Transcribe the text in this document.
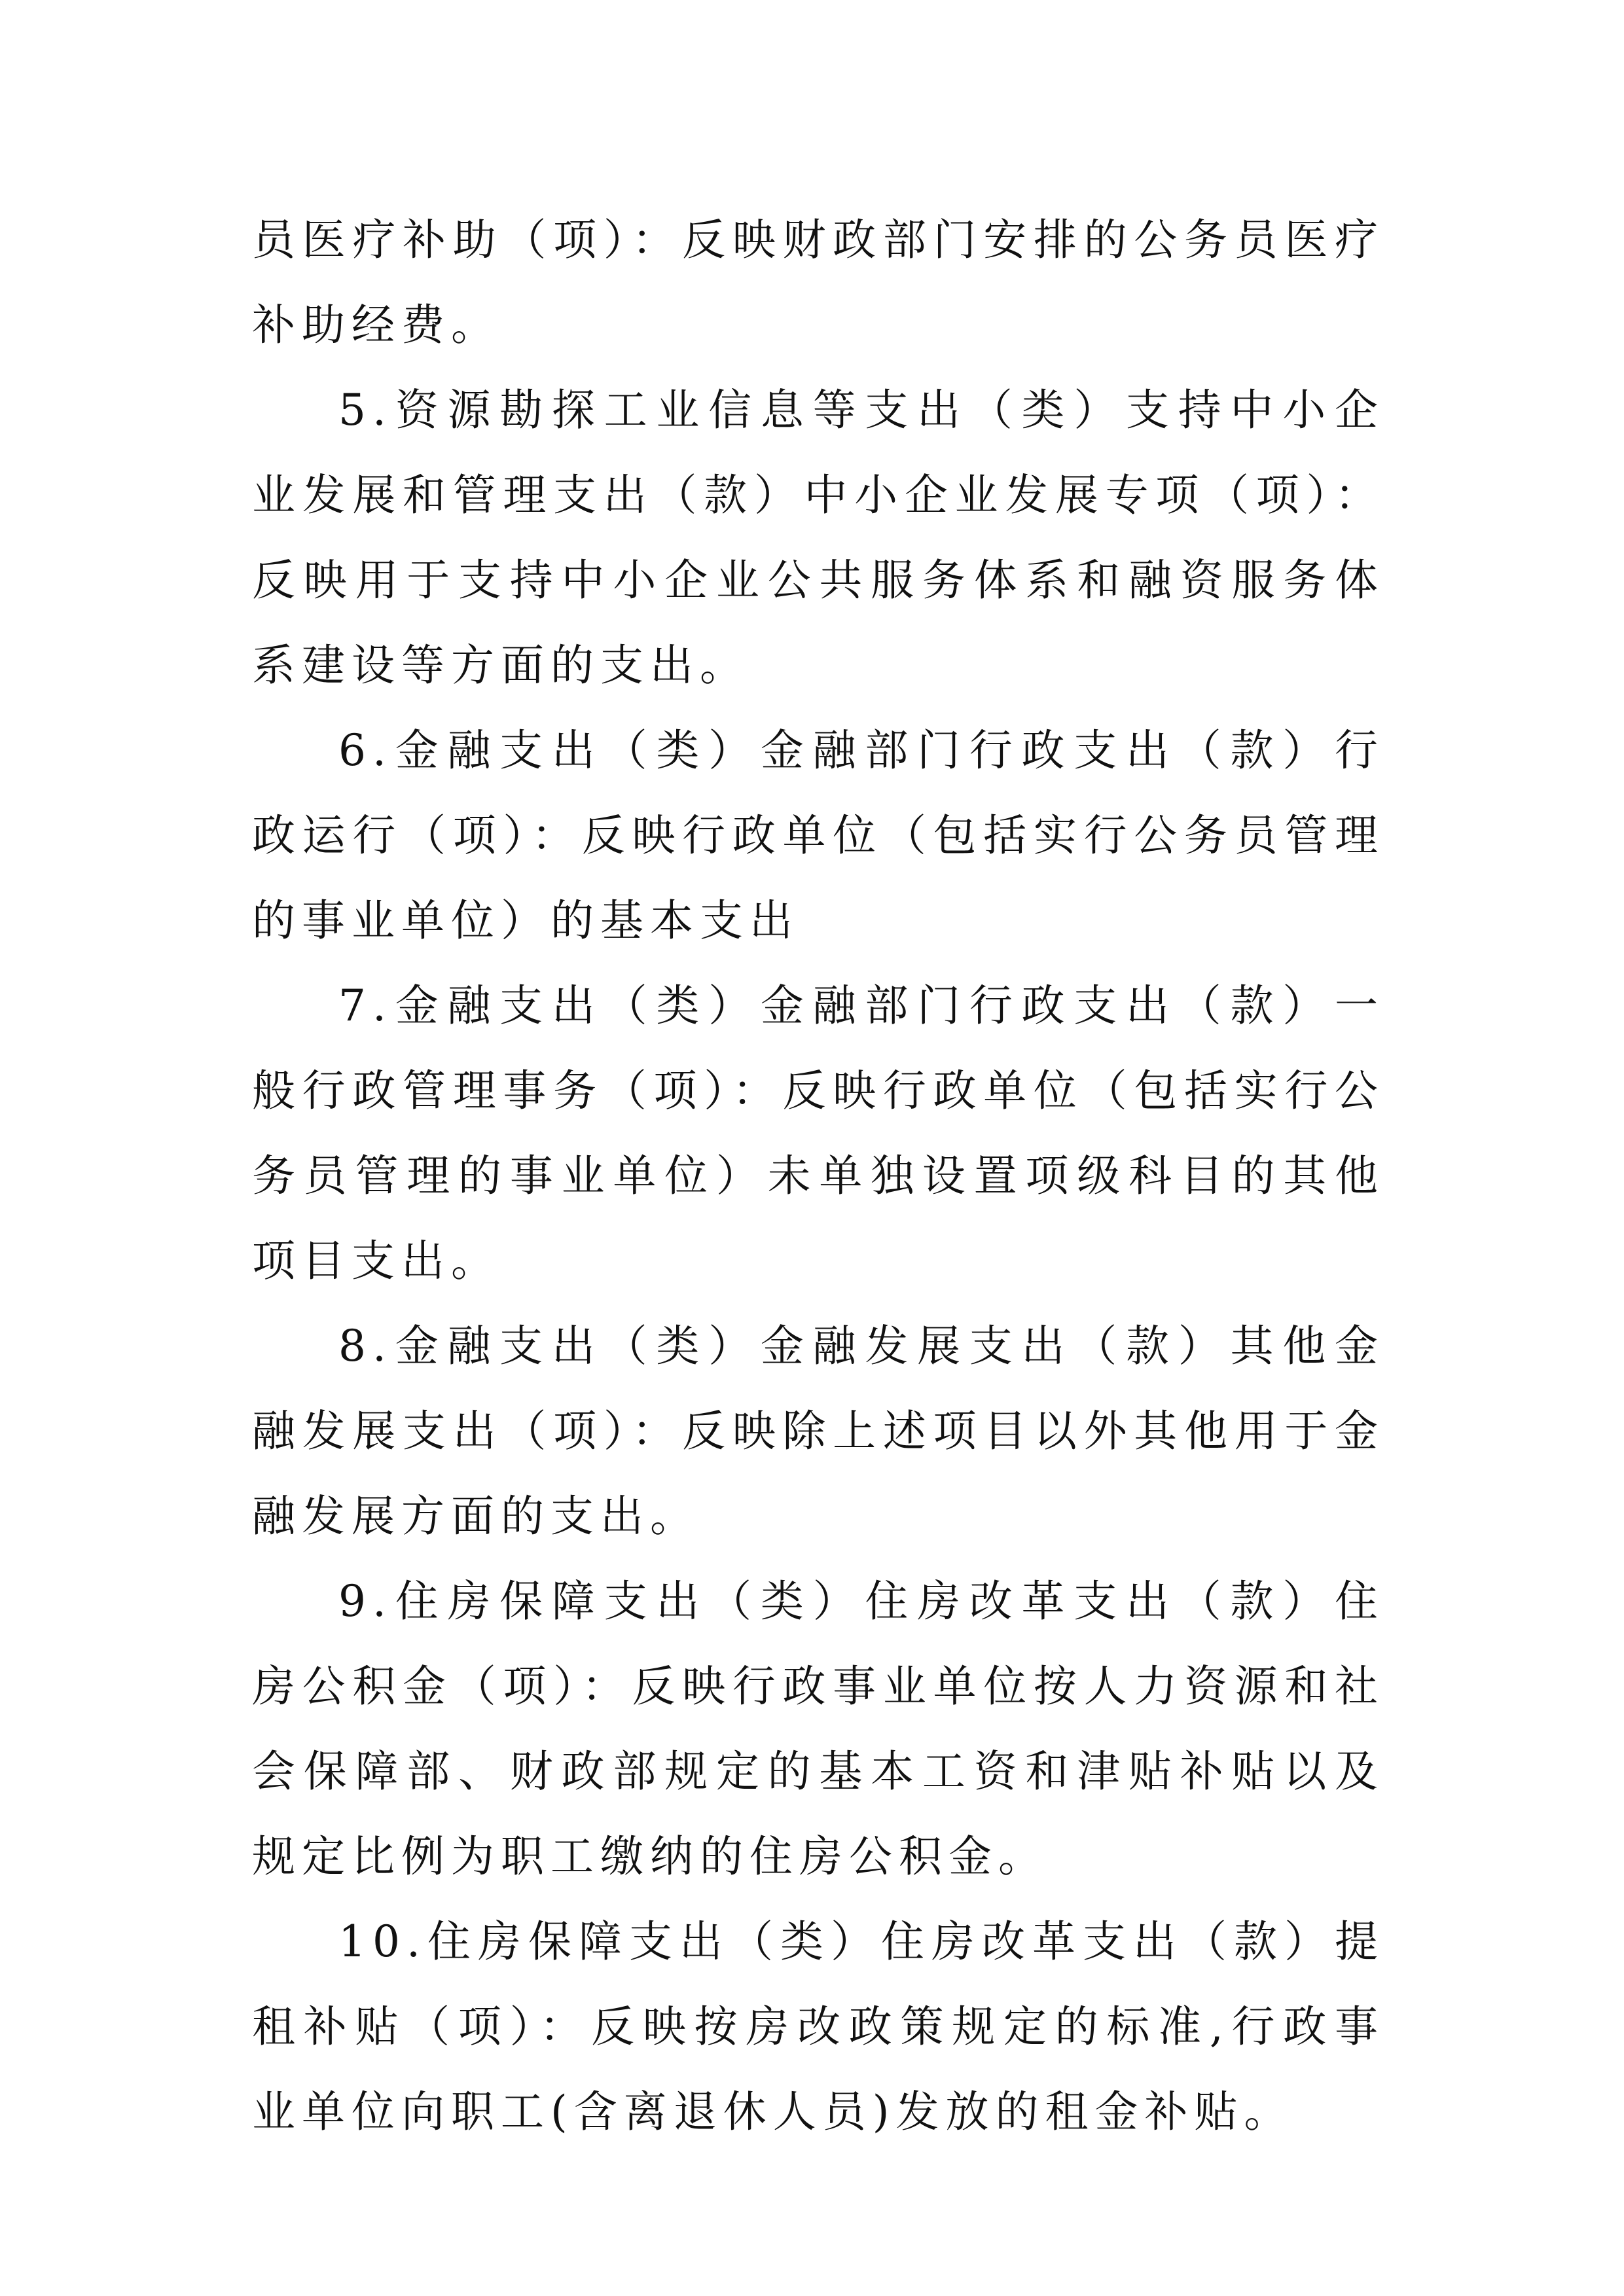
员医疗补助（项）：反映财政部门安排的公务员医疗补助经费。

5.资源勘探工业信息等支出（类）支持中小企业发展和管理支出（款）中小企业发展专项（项）：反映用于支持中小企业公共服务体系和融资服务体系建设等方面的支出。

6.金融支出（类）金融部门行政支出（款）行政运行（项）：反映行政单位（包括实行公务员管理的事业单位）的基本支出

7.金融支出（类）金融部门行政支出（款）一般行政管理事务（项）：反映行政单位（包括实行公务员管理的事业单位）未单独设置项级科目的其他项目支出。

8.金融支出（类）金融发展支出（款）其他金融发展支出（项）：反映除上述项目以外其他用于金融发展方面的支出。

9.住房保障支出（类）住房改革支出（款）住房公积金（项）：反映行政事业单位按人力资源和社会保障部、财政部规定的基本工资和津贴补贴以及规定比例为职工缴纳的住房公积金。

10.住房保障支出（类）住房改革支出（款）提租补贴（项）：反映按房改政策规定的标准,行政事业单位向职工(含离退休人员)发放的租金补贴。
